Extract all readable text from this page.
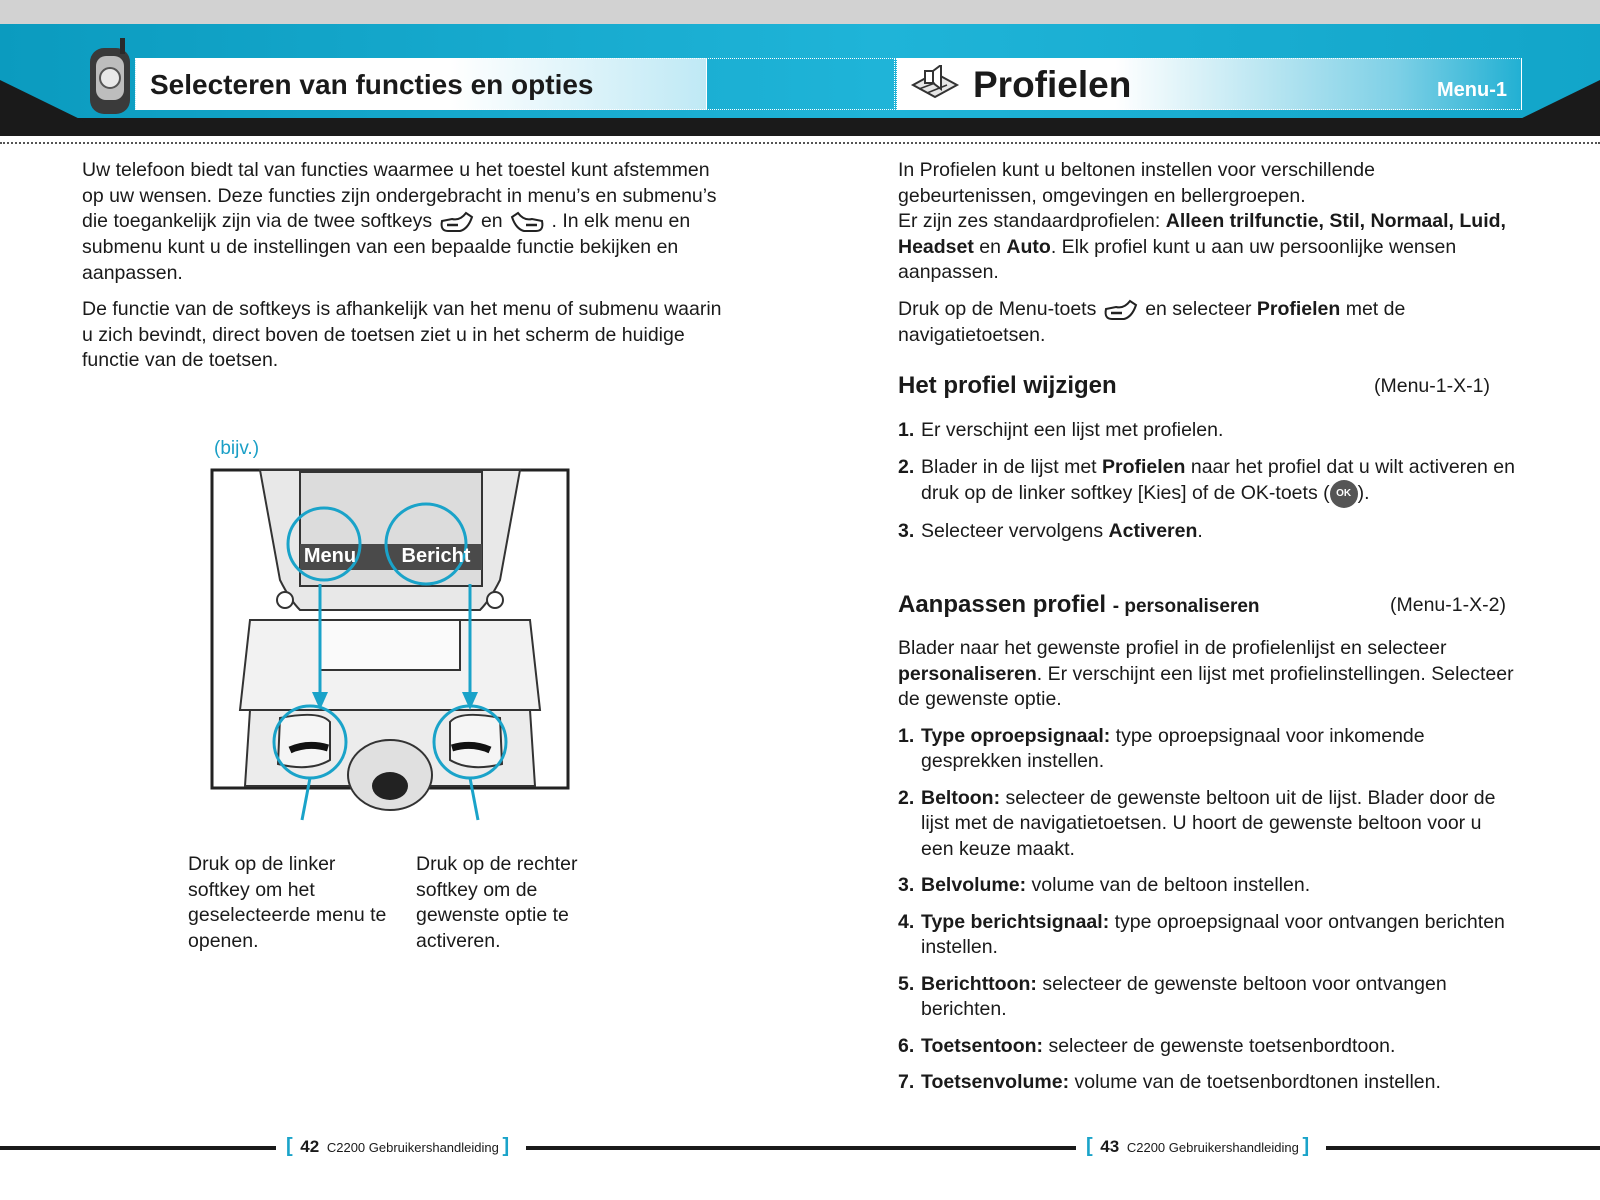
Selecteren van functies en opties	Profielen	Menu-1

Uw telefoon biedt tal van functies waarmee u het toestel kunt afstemmen op uw wensen. Deze functies zijn ondergebracht in menu’s en submenu’s die toegankelijk zijn via de twee softkeys	en	. In elk menu en submenu kunt u de instellingen van een bepaalde functie bekijken en aanpassen.

De functie van de softkeys is afhankelijk van het menu of submenu waarin u zich bevindt, direct boven de toetsen ziet u in het scherm de huidige functie van de toetsen.

(bijv.)
Menu Bericht
Druk op de linker softkey om het geselecteerde menu te openen.
Druk op de rechter softkey om de gewenste optie te activeren.

In Profielen kunt u beltonen instellen voor verschillende gebeurtenissen, omgevingen en bellergroepen.

Er zijn zes standaardprofielen: Alleen trilfunctie, Stil, Normaal, Luid, Headset en Auto. Elk profiel kunt u aan uw persoonlijke wensen aanpassen.

Druk op de Menu-toets	en selecteer Profielen met de navigatietoetsen.

Het profiel wijzigen	(Menu-1-X-1)
1. Er verschijnt een lijst met profielen.
2. Blader in de lijst met Profielen naar het profiel dat u wilt activeren en druk op de linker softkey [Kies] of de OK-toets ( OK ).
3. Selecteer vervolgens Activeren.
Aanpassen profiel - personaliseren	(Menu-1-X-2)

Blader naar het gewenste profiel in de profielenlijst en selecteer personaliseren. Er verschijnt een lijst met profielinstellingen. Selecteer de gewenste optie.

1. Type oproepsignaal: type oproepsignaal voor inkomende gesprekken instellen.
2. Beltoon: selecteer de gewenste beltoon uit de lijst. Blader door de lijst met de navigatietoetsen. U hoort de gewenste beltoon voor u een keuze maakt.
3. Belvolume: volume van de beltoon instellen.
4. Type berichtsignaal: type oproepsignaal voor ontvangen berichten instellen.
5. Berichttoon: selecteer de gewenste beltoon voor ontvangen berichten.
6. Toetsentoon: selecteer de gewenste toetsenbordtoon.
7. Toetsenvolume: volume van de toetsenbordtonen instellen.
[ 42 C2200 Gebruikershandleiding ]	[ 43 C2200 Gebruikershandleiding ]
